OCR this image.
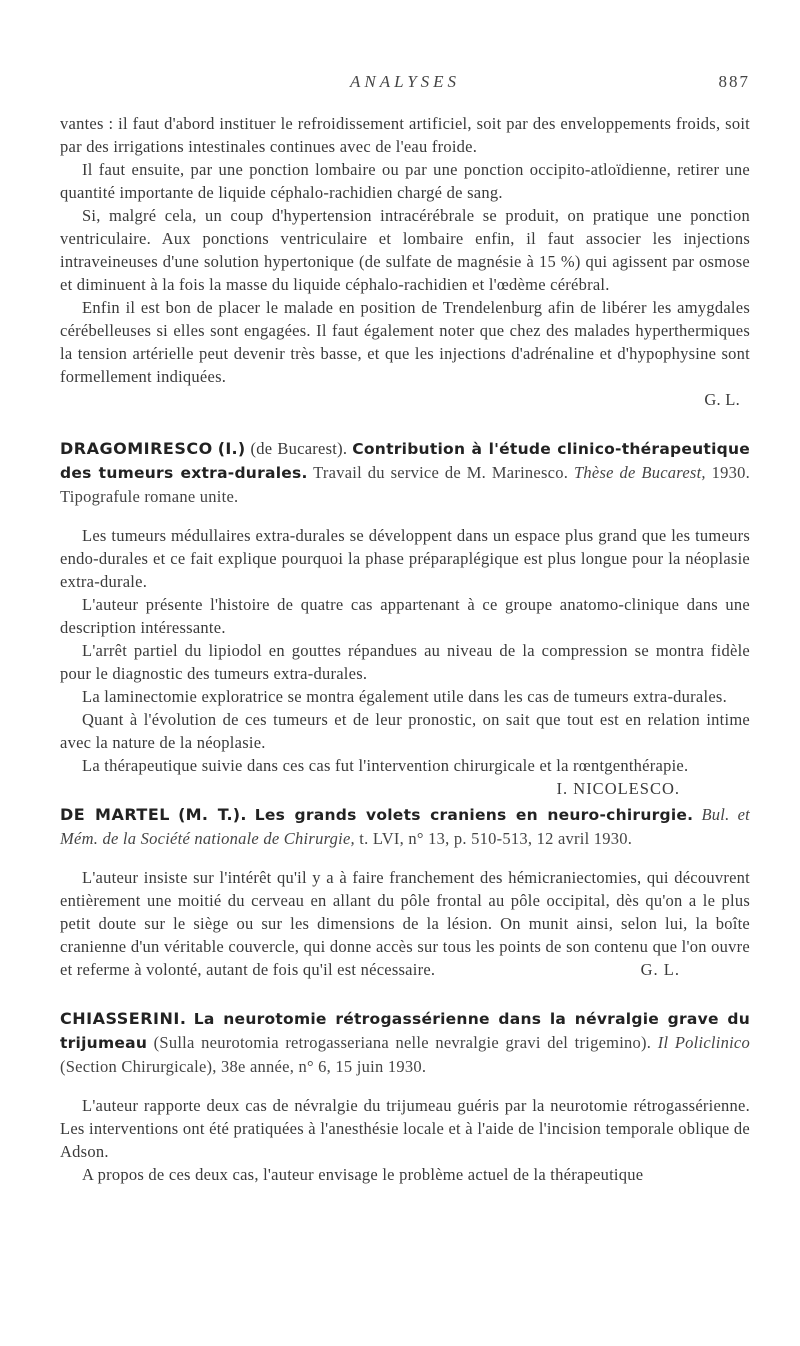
ANALYSES	887

vantes : il faut d'abord instituer le refroidissement artificiel, soit par des enveloppements froids, soit par des irrigations intestinales continues avec de l'eau froide.

Il faut ensuite, par une ponction lombaire ou par une ponction occipito-atloïdienne, retirer une quantité importante de liquide céphalo-rachidien chargé de sang.

Si, malgré cela, un coup d'hypertension intracérébrale se produit, on pratique une ponction ventriculaire. Aux ponctions ventriculaire et lombaire enfin, il faut associer les injections intraveineuses d'une solution hypertonique (de sulfate de magnésie à 15 %) qui agissent par osmose et diminuent à la fois la masse du liquide céphalo-rachidien et l'œdème cérébral.

Enfin il est bon de placer le malade en position de Trendelenburg afin de libérer les amygdales cérébelleuses si elles sont engagées. Il faut également noter que chez des malades hyperthermiques la tension artérielle peut devenir très basse, et que les injections d'adrénaline et d'hypophysine sont formellement indiquées.

G. L.

DRAGOMIRESCO (I.) (de Bucarest). Contribution à l'étude clinico-thérapeutique des tumeurs extra-durales. Travail du service de M. Marinesco. Thèse de Bucarest, 1930. Tipografule romane unite.

Les tumeurs médullaires extra-durales se développent dans un espace plus grand que les tumeurs endo-durales et ce fait explique pourquoi la phase préparaplégique est plus longue pour la néoplasie extra-durale.

L'auteur présente l'histoire de quatre cas appartenant à ce groupe anatomo-clinique dans une description intéressante.

L'arrêt partiel du lipiodol en gouttes répandues au niveau de la compression se montra fidèle pour le diagnostic des tumeurs extra-durales.

La laminectomie exploratrice se montra également utile dans les cas de tumeurs extra-durales.

Quant à l'évolution de ces tumeurs et de leur pronostic, on sait que tout est en relation intime avec la nature de la néoplasie.

La thérapeutique suivie dans ces cas fut l'intervention chirurgicale et la rœntgenthérapie.
I. NICOLESCO.

DE MARTEL (M. T.). Les grands volets craniens en neuro-chirurgie. Bul. et Mém. de la Société nationale de Chirurgie, t. LVI, n° 13, p. 510-513, 12 avril 1930.

L'auteur insiste sur l'intérêt qu'il y a à faire franchement des hémicraniectomies, qui découvrent entièrement une moitié du cerveau en allant du pôle frontal au pôle occipital, dès qu'on a le plus petit doute sur le siège ou sur les dimensions de la lésion. On munit ainsi, selon lui, la boîte cranienne d'un véritable couvercle, qui donne accès sur tous les points de son contenu que l'on ouvre et referme à volonté, autant de fois qu'il est nécessaire.	G. L.

CHIASSERINI. La neurotomie rétrogassérienne dans la névralgie grave du trijumeau (Sulla neurotomia retrogasseriana nelle nevralgie gravi del trigemino). Il Policlinico (Section Chirurgicale), 38e année, n° 6, 15 juin 1930.

L'auteur rapporte deux cas de névralgie du trijumeau guéris par la neurotomie rétrogassérienne. Les interventions ont été pratiquées à l'anesthésie locale et à l'aide de l'incision temporale oblique de Adson.

A propos de ces deux cas, l'auteur envisage le problème actuel de la thérapeutique
